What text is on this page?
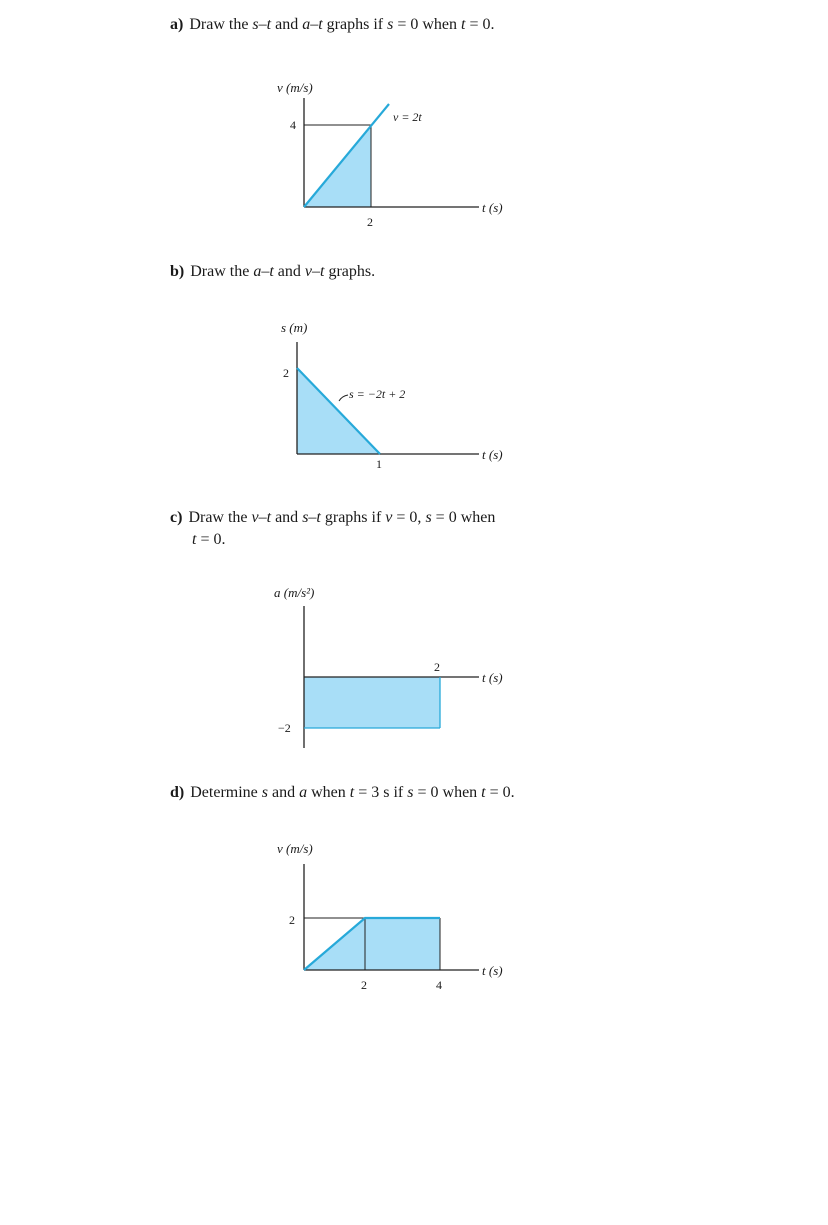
a) Draw the s–t and a–t graphs if s = 0 when t = 0.
b) Draw the a–t and v–t graphs.
c) Draw the v–t and s–t graphs if v = 0, s = 0 when
t = 0.
d) Determine s and a when t = 3 s if s = 0 when t = 0.
v (m/s)
t (s)
4
2
v = 2t
s (m)
t (s)
2
1
s = −2t + 2
a (m/s²)
t (s)
−2
2
v (m/s)
t (s)
2
2	4
